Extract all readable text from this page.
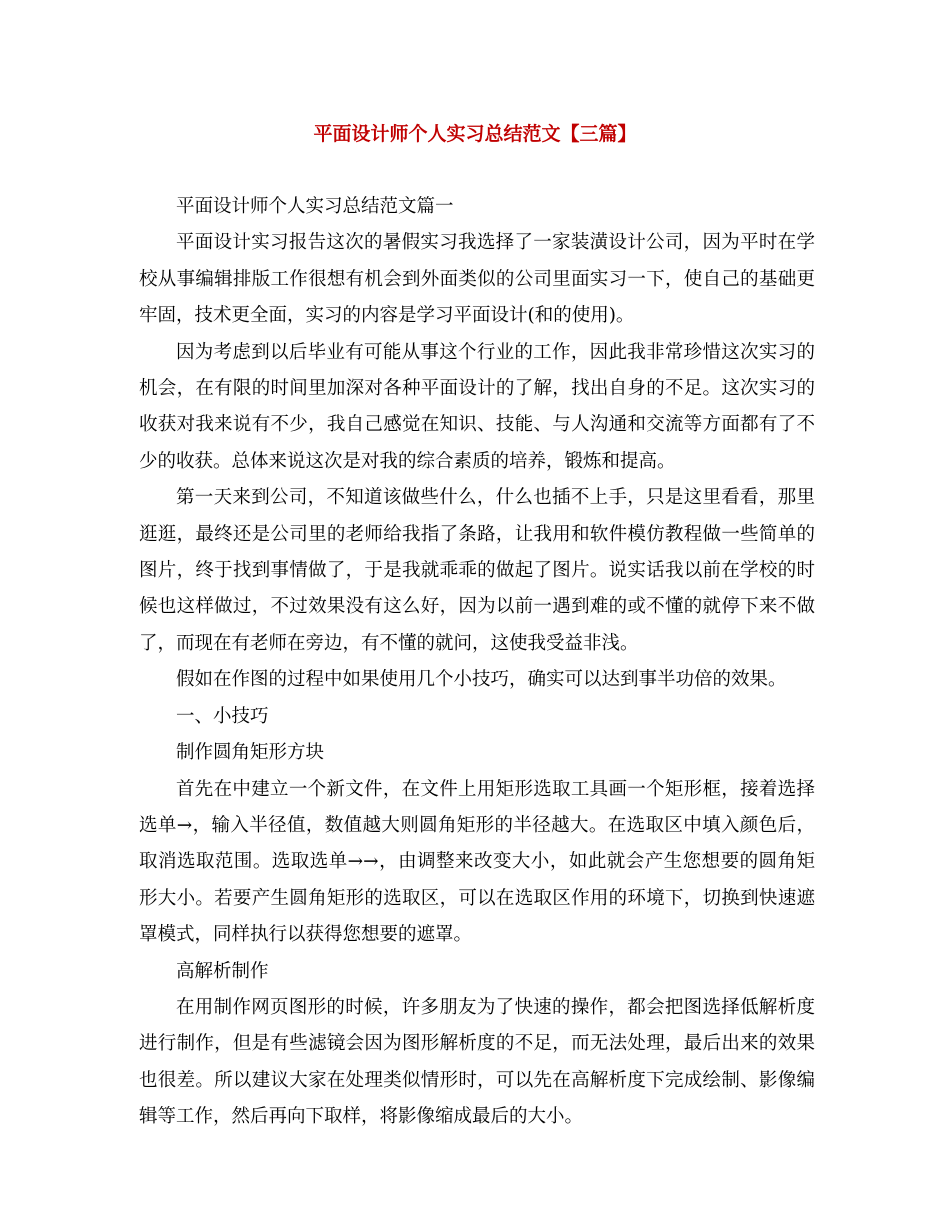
平面设计师个人实习总结范文【三篇】

平面设计师个人实习总结范文篇一

平面设计实习报告这次的暑假实习我选择了一家装潢设计公司，因为平时在学校从事编辑排版工作很想有机会到外面类似的公司里面实习一下，使自己的基础更牢固，技术更全面，实习的内容是学习平面设计(和的使用)。

因为考虑到以后毕业有可能从事这个行业的工作，因此我非常珍惜这次实习的机会，在有限的时间里加深对各种平面设计的了解，找出自身的不足。这次实习的收获对我来说有不少，我自己感觉在知识、技能、与人沟通和交流等方面都有了不少的收获。总体来说这次是对我的综合素质的培养，锻炼和提高。

第一天来到公司，不知道该做些什么，什么也插不上手，只是这里看看，那里逛逛，最终还是公司里的老师给我指了条路，让我用和软件模仿教程做一些简单的图片，终于找到事情做了，于是我就乖乖的做起了图片。说实话我以前在学校的时候也这样做过，不过效果没有这么好，因为以前一遇到难的或不懂的就停下来不做了，而现在有老师在旁边，有不懂的就问，这使我受益非浅。

假如在作图的过程中如果使用几个小技巧，确实可以达到事半功倍的效果。

一、小技巧

制作圆角矩形方块

首先在中建立一个新文件，在文件上用矩形选取工具画一个矩形框，接着选择选单→，输入半径值，数值越大则圆角矩形的半径越大。在选取区中填入颜色后，取消选取范围。选取选单→→，由调整来改变大小，如此就会产生您想要的圆角矩形大小。若要产生圆角矩形的选取区，可以在选取区作用的环境下，切换到快速遮罩模式，同样执行以获得您想要的遮罩。

高解析制作

在用制作网页图形的时候，许多朋友为了快速的操作，都会把图选择低解析度进行制作，但是有些滤镜会因为图形解析度的不足，而无法处理，最后出来的效果也很差。所以建议大家在处理类似情形时，可以先在高解析度下完成绘制、影像编辑等工作，然后再向下取样，将影像缩成最后的大小。
